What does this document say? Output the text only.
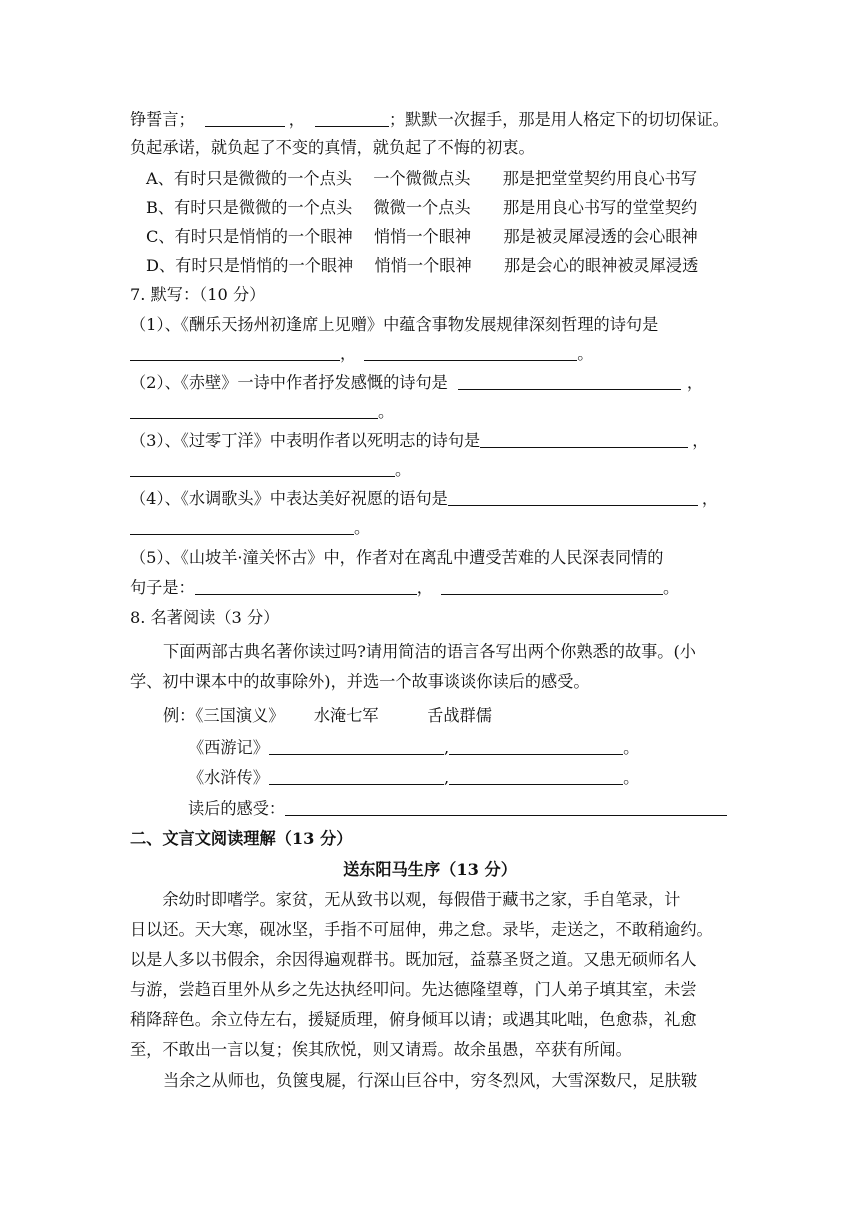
铮誓言；	，	；默默一次握手，那是用人格定下的切切保证。
负起承诺，就负起了不变的真情，就负起了不悔的初衷。
A、有时只是微微的一个点头　 一个微微点头　　那是把堂堂契约用良心书写
B、有时只是微微的一个点头　 微微一个点头　　那是用良心书写的堂堂契约
C、有时只是悄悄的一个眼神　 悄悄一个眼神　　那是被灵犀浸透的会心眼神
D、有时只是悄悄的一个眼神　 悄悄一个眼神　　那是会心的眼神被灵犀浸透
7. 默写：（10 分）
（1）、《酬乐天扬州初逢席上见赠》中蕴含事物发展规律深刻哲理的诗句是
，	。
（2）、《赤壁》一诗中作者抒发感慨的诗句是	，
。
（3）、《过零丁洋》中表明作者以死明志的诗句是	，
。
（4）、《水调歌头》中表达美好祝愿的语句是	，
。
（5）、《山坡羊·潼关怀古》中，作者对在离乱中遭受苦难的人民深表同情的
句子是：	，	。
8. 名著阅读（3 分）
下面两部古典名著你读过吗?请用简洁的语言各写出两个你熟悉的故事。(小
学、初中课本中的故事除外)，并选一个故事谈谈你读后的感受。
例：《三国演义》　　 水淹七军　　　舌战群儒
《西游记》	,	。
《水浒传》	,	。
读后的感受：
二、文言文阅读理解（13 分）
送东阳马生序（13 分）
　　余幼时即嗜学。家贫，无从致书以观，每假借于藏书之家，手自笔录，计
日以还。天大寒，砚冰坚，手指不可屈伸，弗之怠。录毕，走送之，不敢稍逾约。
以是人多以书假余，余因得遍观群书。既加冠，益慕圣贤之道。又患无硕师名人
与游，尝趋百里外从乡之先达执经叩问。先达德隆望尊，门人弟子填其室，未尝
稍降辞色。余立侍左右，援疑质理，俯身倾耳以请；或遇其叱咄，色愈恭，礼愈
至，不敢出一言以复；俟其欣悦，则又请焉。故余虽愚，卒获有所闻。
当余之从师也，负箧曳屣，行深山巨谷中，穷冬烈风，大雪深数尺，足肤皲
